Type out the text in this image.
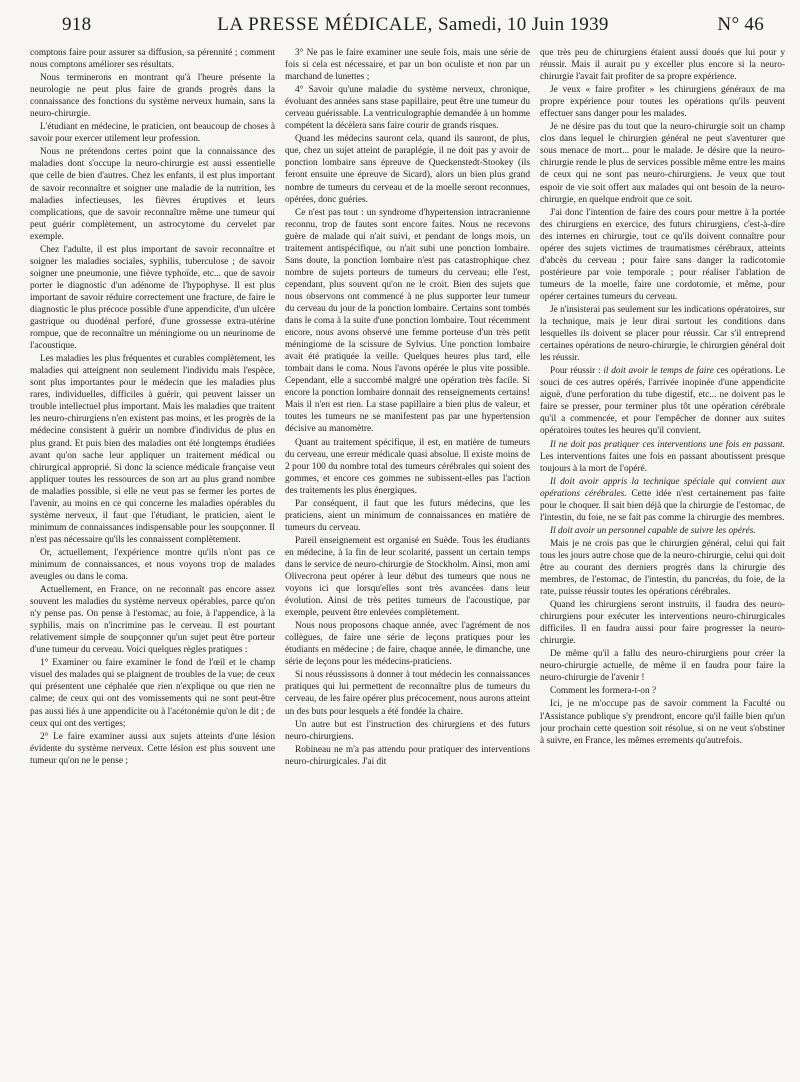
918	LA PRESSE MÉDICALE, Samedi, 10 Juin 1939	N° 46

comptons faire pour assurer sa diffusion, sa pérennité ; comment nous comptons améliorer ses résultats.

Nous terminerons en montrant qu'à l'heure présente la neurologie ne peut plus faire de grands progrès dans la connaissance des fonctions du système nerveux humain, sans la neuro-chirurgie.

L'étudiant en médecine, le praticien, ont beaucoup de choses à savoir pour exercer utilement leur profession.

Nous ne prétendons certes point que la connaissance des maladies dont s'occupe la neuro-chirurgie est aussi essentielle que celle de bien d'autres. Chez les enfants, il est plus important de savoir reconnaître et soigner une maladie de la nutrition, les maladies infectieuses, les fièvres éruptives et leurs complications, que de savoir reconnaître même une tumeur qui peut guérir complètement, un astrocytome du cervelet par exemple.

Chez l'adulte, il est plus important de savoir reconnaître et soigner les maladies sociales, syphilis, tuberculose ; de savoir soigner une pneumonie, une fièvre typhoïde, etc... que de savoir porter le diagnostic d'un adénome de l'hypophyse. Il est plus important de savoir réduire correctement une fracture, de faire le diagnostic le plus précoce possible d'une appendicite, d'un ulcère gastrique ou duodénal perforé, d'une grossesse extra-utérine rompue, que de reconnaître un méningiome ou un neurinome de l'acoustique.

Les maladies les plus fréquentes et curables complètement, les maladies qui atteignent non seulement l'individu mais l'espèce, sont plus importantes pour le médecin que les maladies plus rares, individuelles, difficiles à guérir, qui peuvent laisser un trouble intellectuel plus important. Mais les maladies que traitent les neuro-chirurgiens n'en existent pas moins, et les progrès de la médecine consistent à guérir un nombre d'individus de plus en plus grand. Et puis bien des maladies ont été longtemps étudiées avant qu'on sache leur appliquer un traitement médical ou chirurgical approprié. Si donc la science médicale française veut appliquer toutes les ressources de son art au plus grand nombre de maladies possible, si elle ne veut pas se fermer les portes de l'avenir, au moins en ce qui concerne les maladies opérables du système nerveux, il faut que l'étudiant, le praticien, aient le minimum de connaissances indispensable pour les soupçonner. Il n'est pas nécessaire qu'ils les connaissent complètement.

Or, actuellement, l'expérience montre qu'ils n'ont pas ce minimum de connaissances, et nous voyons trop de malades aveugles ou dans le coma.

Actuellement, en France, on ne reconnaît pas encore assez souvent les maladies du système nerveux opérables, parce qu'on n'y pense pas. On pense à l'estomac, au foie, à l'appendice, à la syphilis, mais on n'incrimine pas le cerveau. Il est pourtant relativement simple de soupçonner qu'un sujet peut être porteur d'une tumeur du cerveau. Voici quelques règles pratiques :

1° Examiner ou faire examiner le fond de l'œil et le champ visuel des malades qui se plaignent de troubles de la vue; de ceux qui présentent une céphalée que rien n'explique ou que rien ne calme; de ceux qui ont des vomissements qui ne sont peut-être pas aussi liés à une appendicite ou à l'acétonémie qu'on le dit ; de ceux qui ont des vertiges;

2° Le faire examiner aussi aux sujets atteints d'une lésion évidente du système nerveux. Cette lésion est plus souvent une tumeur qu'on ne le pense ;

3° Ne pas le faire examiner une seule fois, mais une série de fois si cela est nécessaire, et par un bon oculiste et non par un marchand de lunettes ;

4° Savoir qu'une maladie du système nerveux, chronique, évoluant des années sans stase papillaire, peut être une tumeur du cerveau guérissable. La ventriculographie demandée à un homme compétent la décèlera sans faire courir de grands risques.

Quand les médecins sauront cela, quand ils sauront, de plus, que, chez un sujet atteint de paraplégie, il ne doit pas y avoir de ponction lombaire sans épreuve de Queckenstedt-Stookey (ils feront ensuite une épreuve de Sicard), alors un bien plus grand nombre de tumeurs du cerveau et de la moelle seront reconnues, opérées, donc guéries.

Ce n'est pas tout : un syndrome d'hypertension intracranienne reconnu, trop de fautes sont encore faites. Nous ne recevons guère de malade qui n'ait suivi, et pendant de longs mois, un traitement antispécifique, ou n'ait subi une ponction lombaire. Sans doute, la ponction lombaire n'est pas catastrophique chez nombre de sujets porteurs de tumeurs du cerveau; elle l'est, cependant, plus souvent qu'on ne le croit. Bien des sujets que nous observons ont commencé à ne plus supporter leur tumeur du cerveau du jour de la ponction lombaire. Certains sont tombés dans le coma à la suite d'une ponction lombaire. Tout récemment encore, nous avons observé une femme porteuse d'un très petit méningiome de la scissure de Sylvius. Une ponction lombaire avait été pratiquée la veille. Quelques heures plus tard, elle tombait dans le coma. Nous l'avons opérée le plus vite possible. Cependant, elle a succombé malgré une opération très facile. Si encore la ponction lombaire donnait des renseignements certains! Mais il n'en est rien. La stase papillaire a bien plus de valeur, et toutes les tumeurs ne se manifestent pas par une hypertension décisive au manomètre.

Quant au traitement spécifique, il est, en matière de tumeurs du cerveau, une erreur médicale quasi absolue. Il existe moins de 2 pour 100 du nombre total des tumeurs cérébrales qui soient des gommes, et encore ces gommes ne subissent-elles pas l'action des traitements les plus énergiques.

Par conséquent, il faut que les futurs médecins, que les praticiens, aient un minimum de connaissances en matière de tumeurs du cerveau.

Pareil enseignement est organisé en Suède. Tous les étudiants en médecine, à la fin de leur scolarité, passent un certain temps dans le service de neuro-chirurgie de Stockholm. Ainsi, mon ami Olivecrona peut opérer à leur début des tumeurs que nous ne voyons ici que lorsqu'elles sont très avancées dans leur évolution. Ainsi de très petites tumeurs de l'acoustique, par exemple, peuvent être enlevées complètement.

Nous nous proposons chaque année, avec l'agrément de nos collègues, de faire une série de leçons pratiques pour les étudiants en médecine ; de faire, chaque année, le dimanche, une série de leçons pour les médecins-praticiens.

Si nous réussissons à donner à tout médecin les connaissances pratiques qui lui permettent de reconnaître plus de tumeurs du cerveau, de les faire opérer plus précocement, nous aurons atteint un des buts pour lesquels a été fondée la chaire.

Un autre but est l'instruction des chirurgiens et des futurs neuro-chirurgiens.

Robineau ne m'a pas attendu pour pratiquer des interventions neuro-chirurgicales. J'ai dit

que très peu de chirurgiens étaient aussi doués que lui pour y réussir. Mais il aurait pu y exceller plus encore si la neuro-chirurgie l'avait fait profiter de sa propre expérience.

Je veux « faire profiter » les chirurgiens généraux de ma propre expérience pour toutes les opérations qu'ils peuvent effectuer sans danger pour les malades.

Je ne désire pas du tout que la neuro-chirurgie soit un champ clos dans lequel le chirurgien général ne peut s'aventurer que sous menace de mort... pour le malade. Je désire que la neuro-chirurgie rende le plus de services possible même entre les mains de ceux qui ne sont pas neuro-chirurgiens. Je veux que tout espoir de vie soit offert aux malades qui ont besoin de la neuro-chirurgie, en quelque endroit que ce soit.

J'ai donc l'intention de faire des cours pour mettre à la portée des chirurgiens en exercice, des futurs chirurgiens, c'est-à-dire des internes en chirurgie, tout ce qu'ils doivent connaître pour opérer des sujets victimes de traumatismes cérébraux, atteints d'abcès du cerveau ; pour faire sans danger la radicotomie postérieure par voie temporale ; pour réaliser l'ablation de tumeurs de la moelle, faire une cordotomie, et même, pour opérer certaines tumeurs du cerveau.

Je n'insisterai pas seulement sur les indications opératoires, sur la technique, mais je leur dirai surtout les conditions dans lesquelles ils doivent se placer pour réussir. Car s'il entreprend certaines opérations de neuro-chirurgie, le chirurgien général doit les réussir.

Pour réussir : il doit avoir le temps de faire ces opérations. Le souci de ces autres opérés, l'arrivée inopinée d'une appendicite aiguë, d'une perforation du tube digestif, etc... ne doivent pas le faire se presser, pour terminer plus tôt une opération cérébrale qu'il a commencée, et pour l'empêcher de donner aux suites opératoires toutes les heures qu'il convient.

Il ne doit pas pratiquer ces interventions une fois en passant. Les interventions faites une fois en passant aboutissent presque toujours à la mort de l'opéré.

Il doit avoir appris la technique spéciale qui convient aux opérations cérébrales. Cette idée n'est certainement pas faite pour le choquer. Il sait bien déjà que la chirurgie de l'estomac, de l'intestin, du foie, ne se fait pas comme la chirurgie des membres.

Il doit avoir un personnel capable de suivre les opérés.

Mais je ne crois pas que le chirurgien général, celui qui fait tous les jours autre chose que de la neuro-chirurgie, celui qui doit être au courant des derniers progrès dans la chirurgie des membres, de l'estomac, de l'intestin, du pancréas, du foie, de la rate, puisse réussir toutes les opérations cérébrales.

Quand les chirurgiens seront instruits, il faudra des neuro-chirurgiens pour exécuter les interventions neuro-chirurgicales difficiles. Il en faudra aussi pour faire progresser la neuro-chirurgie.

De même qu'il a fallu des neuro-chirurgiens pour créer la neuro-chirurgie actuelle, de même il en faudra pour faire la neuro-chirurgie de l'avenir !

Comment les formera-t-on ?

Ici, je ne m'occupe pas de savoir comment la Faculté ou l'Assistance publique s'y prendront, encore qu'il faille bien qu'un jour prochain cette question soit résolue, si on ne veut s'obstiner à suivre, en France, les mêmes errements qu'autrefois.
